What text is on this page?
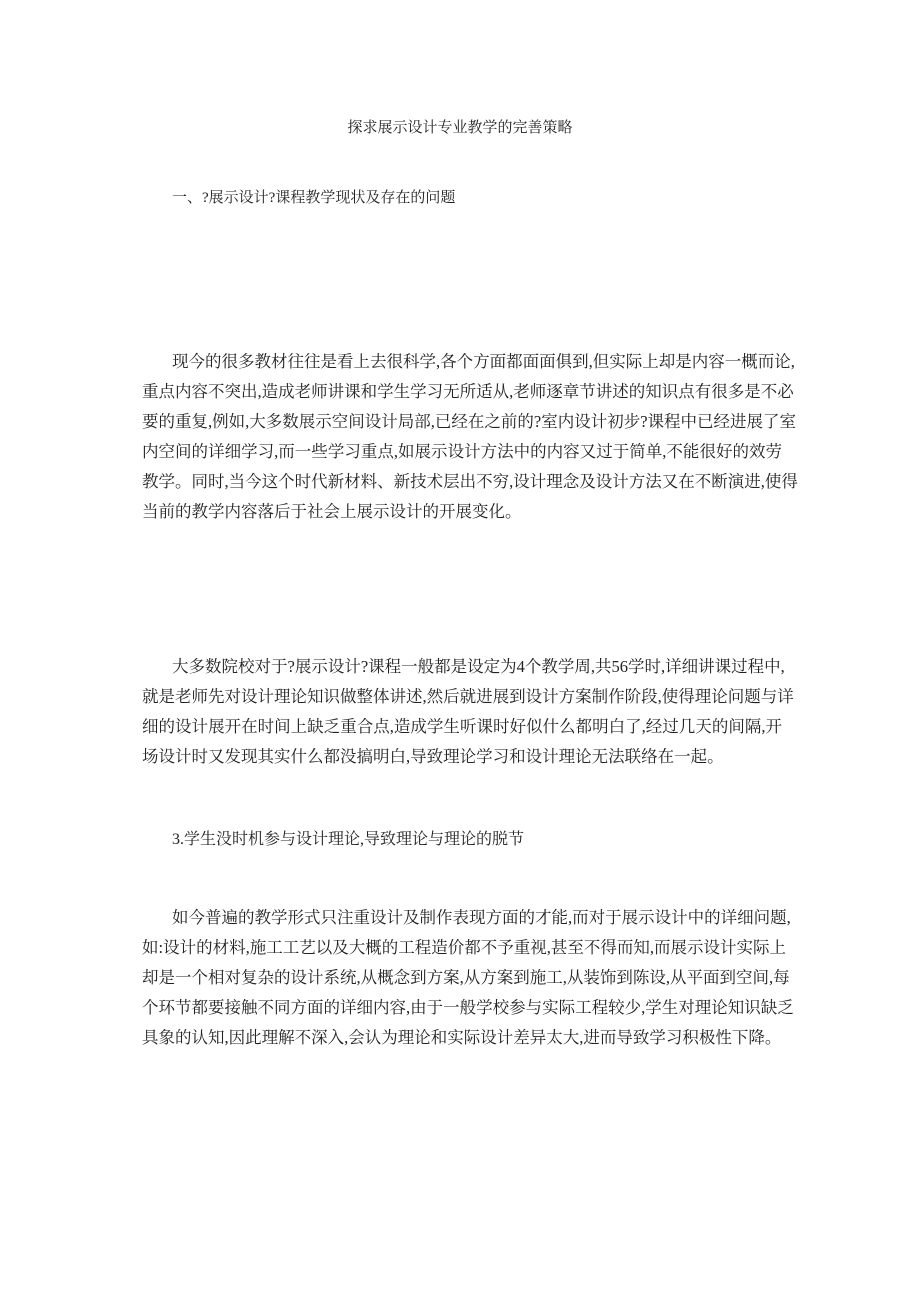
探求展示设计专业教学的完善策略
一、?展示设计?课程教学现状及存在的问题
现今的很多教材往往是看上去很科学,各个方面都面面俱到,但实际上却是内容一概而论,
重点内容不突出,造成老师讲课和学生学习无所适从,老师逐章节讲述的知识点有很多是不必
要的重复,例如,大多数展示空间设计局部,已经在之前的?室内设计初步?课程中已经进展了室
内空间的详细学习,而一些学习重点,如展示设计方法中的内容又过于简单,不能很好的效劳
教学。同时,当今这个时代新材料、新技术层出不穷,设计理念及设计方法又在不断演进,使得
当前的教学内容落后于社会上展示设计的开展变化。
大多数院校对于?展示设计?课程一般都是设定为4个教学周,共56学时,详细讲课过程中,
就是老师先对设计理论知识做整体讲述,然后就进展到设计方案制作阶段,使得理论问题与详
细的设计展开在时间上缺乏重合点,造成学生听课时好似什么都明白了,经过几天的间隔,开
场设计时又发现其实什么都没搞明白,导致理论学习和设计理论无法联络在一起。
3.学生没时机参与设计理论,导致理论与理论的脱节
如今普遍的教学形式只注重设计及制作表现方面的才能,而对于展示设计中的详细问题,
如:设计的材料,施工工艺以及大概的工程造价都不予重视,甚至不得而知,而展示设计实际上
却是一个相对复杂的设计系统,从概念到方案,从方案到施工,从装饰到陈设,从平面到空间,每
个环节都要接触不同方面的详细内容,由于一般学校参与实际工程较少,学生对理论知识缺乏
具象的认知,因此理解不深入,会认为理论和实际设计差异太大,进而导致学习积极性下降。
